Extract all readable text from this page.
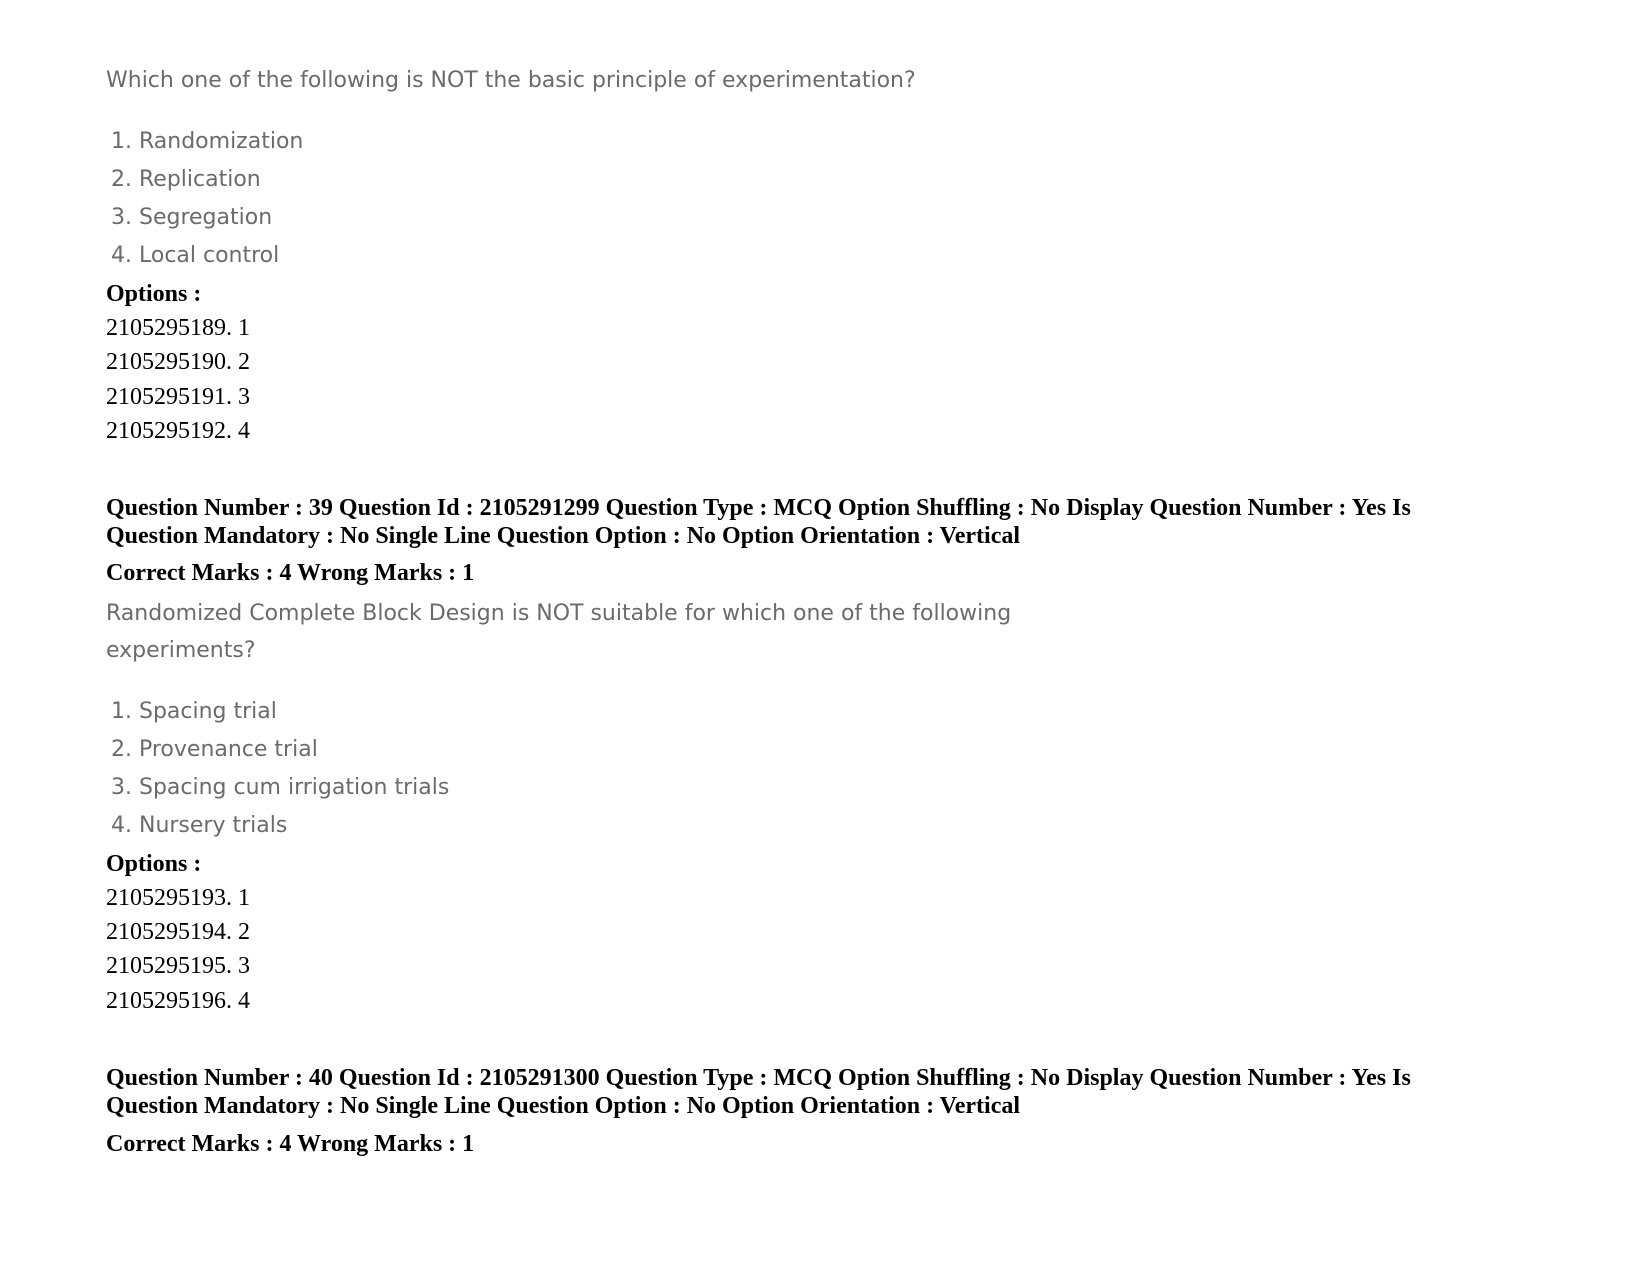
Which one of the following is NOT the basic principle of experimentation?
1. Randomization
2. Replication
3. Segregation
4. Local control
Options :
2105295189. 1
2105295190. 2
2105295191. 3
2105295192. 4
Question Number : 39 Question Id : 2105291299 Question Type : MCQ Option Shuffling : No Display Question Number : Yes Is
Question Mandatory : No Single Line Question Option : No Option Orientation : Vertical
Correct Marks : 4 Wrong Marks : 1
Randomized Complete Block Design is NOT suitable for which one of the following
experiments?
1. Spacing trial
2. Provenance trial
3. Spacing cum irrigation trials
4. Nursery trials
Options :
2105295193. 1
2105295194. 2
2105295195. 3
2105295196. 4
Question Number : 40 Question Id : 2105291300 Question Type : MCQ Option Shuffling : No Display Question Number : Yes Is
Question Mandatory : No Single Line Question Option : No Option Orientation : Vertical
Correct Marks : 4 Wrong Marks : 1
